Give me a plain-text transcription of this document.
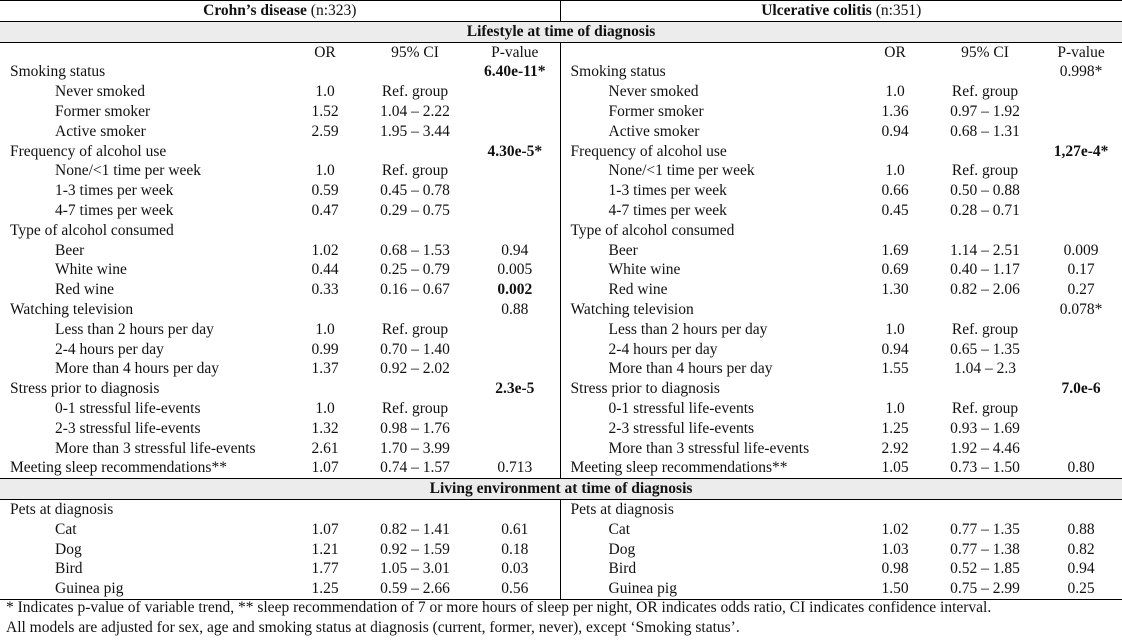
Crohn’s disease (n:323)				Ulcerative colitis (n:351)			
Lifestyle at time of diagnosis							
	OR	95% CI	P-value		OR	95% CI	P-value
Smoking status			6.40e-11*	Smoking status			0.998*
Never smoked	1.0	Ref. group		Never smoked	1.0	Ref. group	
Former smoker	1.52	1.04 – 2.22		Former smoker	1.36	0.97 – 1.92	
Active smoker	2.59	1.95 – 3.44		Active smoker	0.94	0.68 – 1.31	
Frequency of alcohol use			4.30e-5*	Frequency of alcohol use			1,27e-4*
None/<1 time per week	1.0	Ref. group		None/<1 time per week	1.0	Ref. group	
1-3 times per week	0.59	0.45 – 0.78		1-3 times per week	0.66	0.50 – 0.88	
4-7 times per week	0.47	0.29 – 0.75		4-7 times per week	0.45	0.28 – 0.71	
Type of alcohol consumed				Type of alcohol consumed			
Beer	1.02	0.68 – 1.53	0.94	Beer	1.69	1.14 – 2.51	0.009
White wine	0.44	0.25 – 0.79	0.005	White wine	0.69	0.40 – 1.17	0.17
Red wine	0.33	0.16 – 0.67	0.002	Red wine	1.30	0.82 – 2.06	0.27
Watching television			0.88	Watching television			0.078*
Less than 2 hours per day	1.0	Ref. group		Less than 2 hours per day	1.0	Ref. group	
2-4 hours per day	0.99	0.70 – 1.40		2-4 hours per day	0.94	0.65 – 1.35	
More than 4 hours per day	1.37	0.92 – 2.02		More than 4 hours per day	1.55	1.04 – 2.3	
Stress prior to diagnosis			2.3e-5	Stress prior to diagnosis			7.0e-6
0-1 stressful life-events	1.0	Ref. group		0-1 stressful life-events	1.0	Ref. group	
2-3 stressful life-events	1.32	0.98 – 1.76		2-3 stressful life-events	1.25	0.93 – 1.69	
More than 3 stressful life-events	2.61	1.70 – 3.99		More than 3 stressful life-events	2.92	1.92 – 4.46	
Meeting sleep recommendations**	1.07	0.74 – 1.57	0.713	Meeting sleep recommendations**	1.05	0.73 – 1.50	0.80
Living environment at time of diagnosis							
Pets at diagnosis				Pets at diagnosis			
Cat	1.07	0.82 – 1.41	0.61	Cat	1.02	0.77 – 1.35	0.88
Dog	1.21	0.92 – 1.59	0.18	Dog	1.03	0.77 – 1.38	0.82
Bird	1.77	1.05 – 3.01	0.03	Bird	0.98	0.52 – 1.85	0.94
Guinea pig	1.25	0.59 – 2.66	0.56	Guinea pig	1.50	0.75 – 2.99	0.25
* Indicates p-value of variable trend, ** sleep recommendation of 7 or more hours of sleep per night, OR indicates odds ratio, CI indicates confidence interval.
All models are adjusted for sex, age and smoking status at diagnosis (current, former, never), except ‘Smoking status’.
